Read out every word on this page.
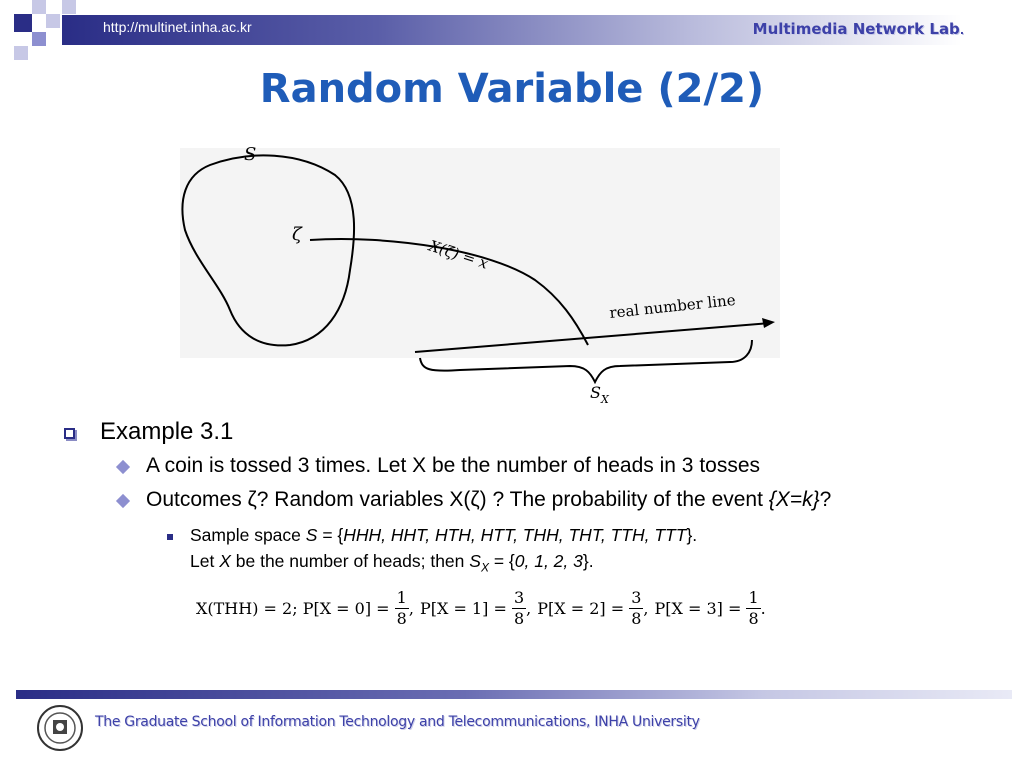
http://multinet.inha.ac.kr	Multimedia Network Lab.
Random Variable (2/2)
S
ζ
X(ζ) = x
real number line
$S_X$
Example 3.1
A coin is tossed 3 times. Let X be the number of heads in 3 tosses
Outcomes ζ? Random variables X(ζ) ? The probability of the event {X=k}?
Sample space S = {HHH, HHT, HTH, HTT, THH, THT, TTH, TTT}.
Let X be the number of heads; then $S_X = \{0$, 1, 2, 3}.
X(THH) = 2; $P[X = 0] = \frac{1}{8}$ , $P[X = 1] = \frac{3}{8}$ , $P[X = 2] = \frac{3}{8}$ , $P[X = 3] = \frac{1}{8}$ .
The Graduate School of Information Technology and Telecommunications, INHA University
